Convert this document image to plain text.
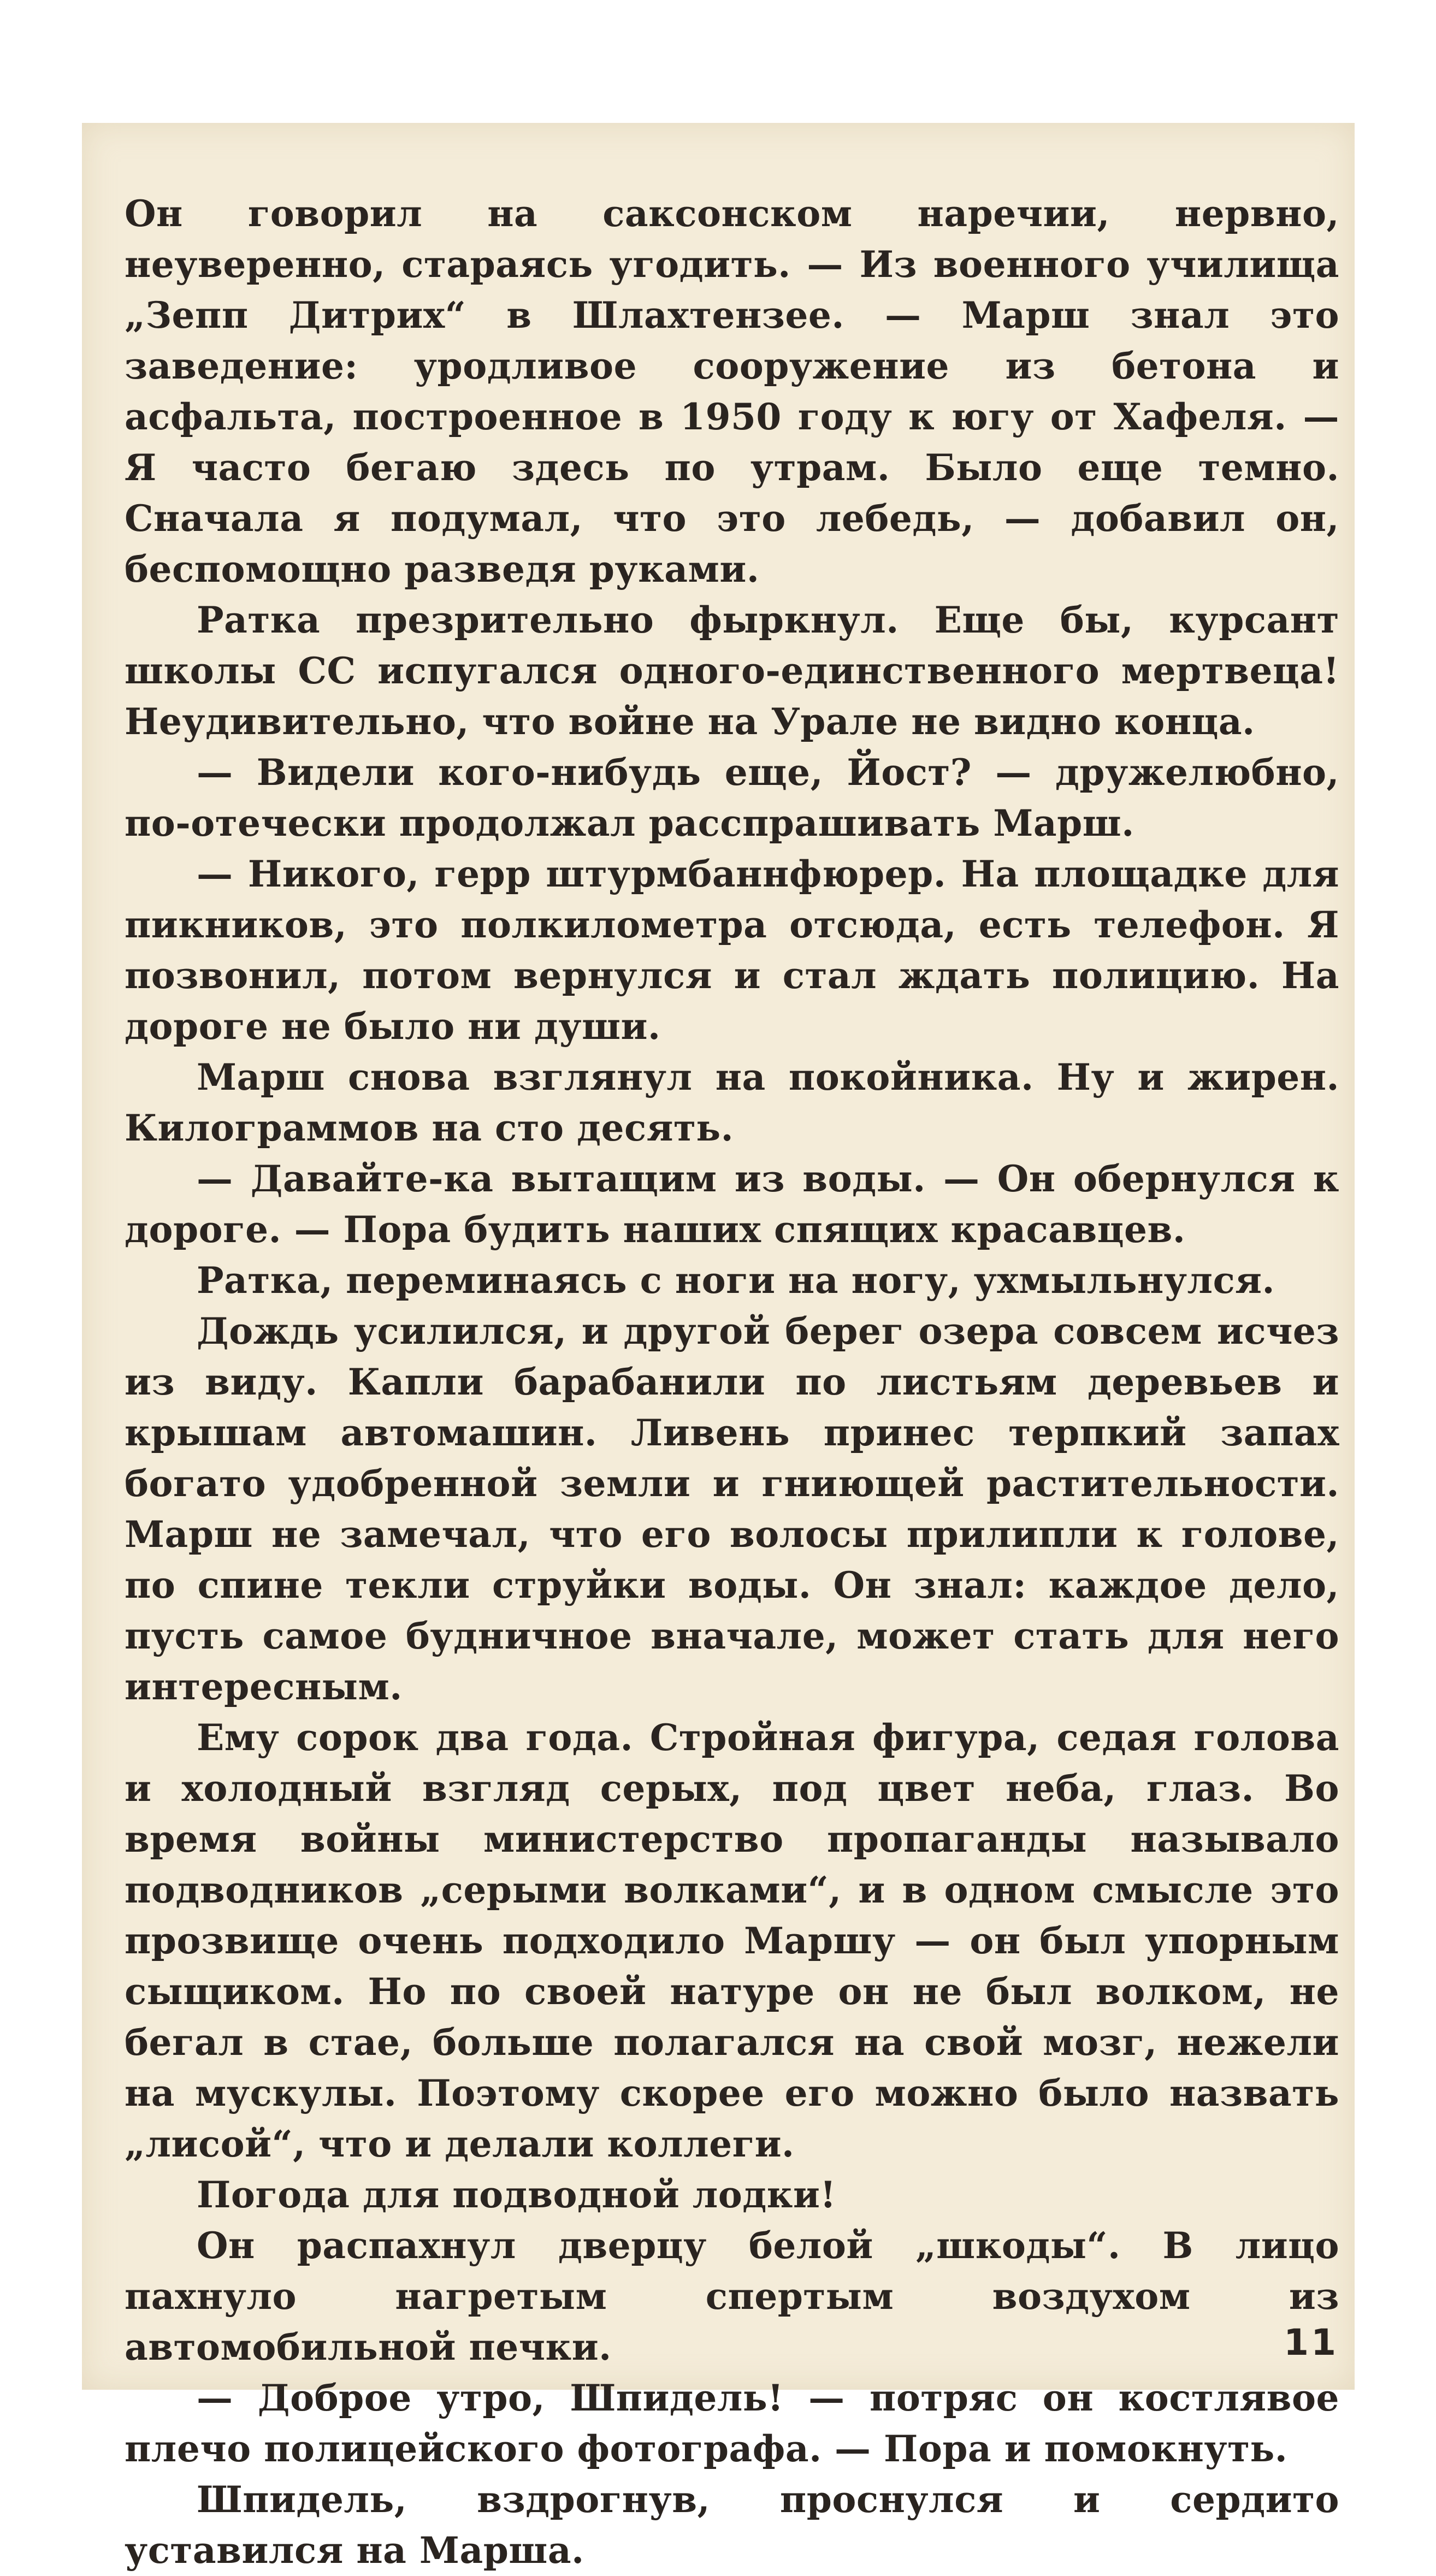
Он говорил на саксонском наречии, нервно, неуверенно, стараясь угодить. — Из военного училища „Зепп Дитрих“ в Шлахтензее. — Марш знал это заведение: уродливое сооружение из бетона и асфальта, построенное в 1950 году к югу от Хафеля. — Я часто бегаю здесь по утрам. Было еще темно. Сначала я подумал, что это лебедь, — добавил он, беспомощно разведя руками.

Ратка презрительно фыркнул. Еще бы, курсант школы СС испугался одного-единственного мертвеца! Неудивительно, что войне на Урале не видно конца.

— Видели кого-нибудь еще, Йост? — дружелюбно, по-отечески продолжал расспрашивать Марш.

— Никого, герр штурмбаннфюрер. На площадке для пикников, это полкилометра отсюда, есть телефон. Я позвонил, потом вернулся и стал ждать полицию. На дороге не было ни души.

Марш снова взглянул на покойника. Ну и жирен. Килограммов на сто десять.

— Давайте-ка вытащим из воды. — Он обернулся к дороге. — Пора будить наших спящих красавцев.

Ратка, переминаясь с ноги на ногу, ухмыльнулся.

Дождь усилился, и другой берег озера совсем исчез из виду. Капли барабанили по листьям деревьев и крышам автомашин. Ливень принес терпкий запах богато удобренной земли и гниющей растительности. Марш не замечал, что его волосы прилипли к голове, по спине текли струйки воды. Он знал: каждое дело, пусть самое будничное вначале, может стать для него интересным.

Ему сорок два года. Стройная фигура, седая голова и холодный взгляд серых, под цвет неба, глаз. Во время войны министерство пропаганды называло подводников „серыми волками“, и в одном смысле это прозвище очень подходило Маршу — он был упорным сыщиком. Но по своей натуре он не был волком, не бегал в стае, больше полагался на свой мозг, нежели на мускулы. Поэтому скорее его можно было назвать „лисой“, что и делали коллеги.

Погода для подводной лодки!

Он распахнул дверцу белой „шкоды“. В лицо пахнуло нагретым спертым воздухом из автомобильной печки.

— Доброе утро, Шпидель! — потряс он костлявое плечо полицейского фотографа. — Пора и помокнуть.

Шпидель, вздрогнув, проснулся и сердито уставился на Марша.

11
